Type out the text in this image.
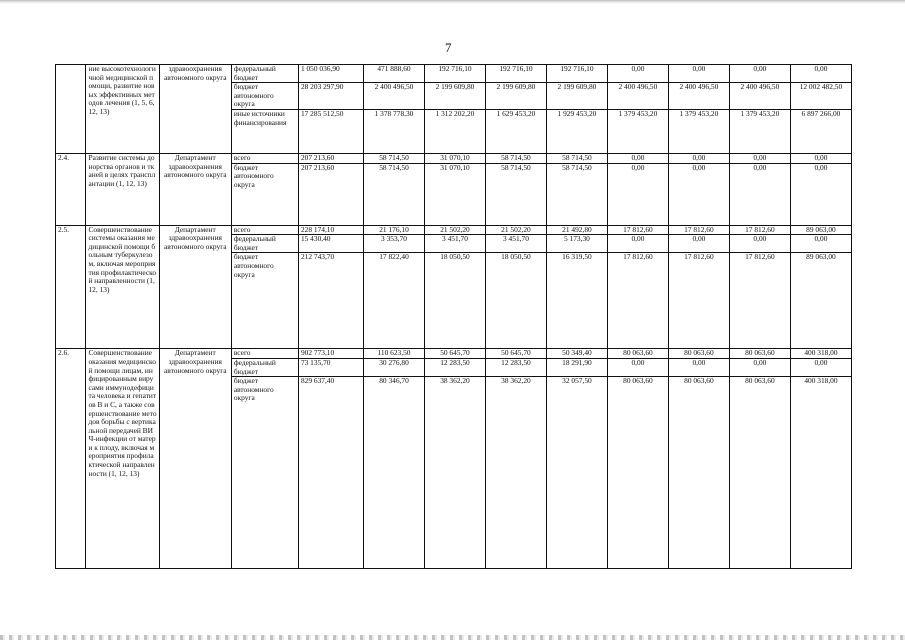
7
	ние высокотехнологичной медицинской помощи, развитие новых эффективных методов лечения (1, 5, 6, 12, 13)	здравоохранения автономного округа	федеральный бюджет	1 050 036,90	471 888,60	192 716,10	192 716,10	192 716,10	0,00	0,00	0,00	0,00
			бюджет автономного округа	28 203 297,90	2 400 496,50	2 199 609,80	2 199 609,80	2 199 609,80	2 400 496,50	2 400 496,50	2 400 496,50	12 002 482,50
			иные источники финансирования	17 285 512,50	1 378 778,30	1 312 202,20	1 629 453,20	1 929 453,20	1 379 453,20	1 379 453,20	1 379 453,20	6 897 266,00
2.4.	Развитие системы донорства органов и тканей в целях трансплантации (1, 12, 13)	Департамент здравоохранения автономного округа	всего	207 213,60	58 714,50	31 070,10	58 714,50	58 714,50	0,00	0,00	0,00	0,00
			бюджет автономного округа	207 213,60	58 714,50	31 070,10	58 714,50	58 714,50	0,00	0,00	0,00	0,00
2.5.	Совершенствование системы оказания медицинской помощи больным туберкулезом, включая мероприятия профилактической направленности (1, 12, 13)	Департамент здравоохранения автономного округа	всего	228 174,10	21 176,10	21 502,20	21 502,20	21 492,80	17 812,60	17 812,60	17 812,60	89 063,00
			федеральный бюджет	15 430,40	3 353,70	3 451,70	3 451,70	5 173,30	0,00	0,00	0,00	0,00
			бюджет автономного округа	212 743,70	17 822,40	18 050,50	18 050,50	16 319,50	17 812,60	17 812,60	17 812,60	89 063,00
2.6.	Совершенствование оказания медицинской помощи лицам, инфицированным вирусами иммунодефицита человека и гепатитов В и С, а также совершенствование методов борьбы с вертикальной передачей ВИЧ-инфекции от матери к плоду, включая мероприятия профилактической направленности (1, 12, 13)	Департамент здравоохранения автономного округа	всего	902 773,10	110 623,50	50 645,70	50 645,70	50 349,40	80 063,60	80 063,60	80 063,60	400 318,00
			федеральный бюджет	73 135,70	30 276,80	12 283,50	12 283,50	18 291,90	0,00	0,00	0,00	0,00
			бюджет автономного округа	829 637,40	80 346,70	38 362,20	38 362,20	32 057,50	80 063,60	80 063,60	80 063,60	400 318,00
